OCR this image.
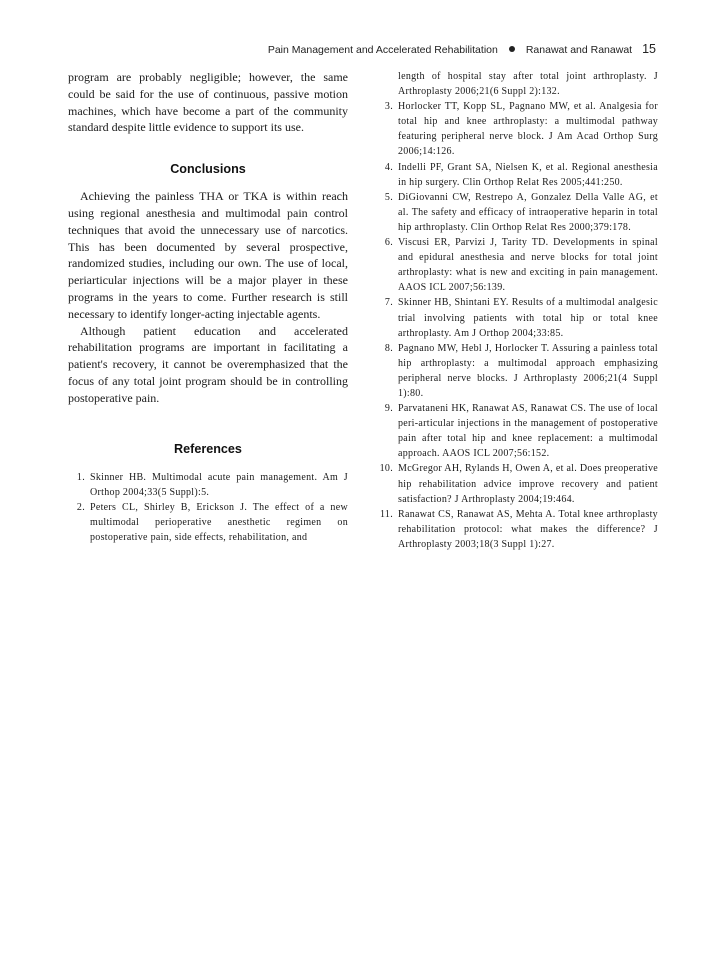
Pain Management and Accelerated Rehabilitation	Ranawat and Ranawat 15

program are probably negligible; however, the same could be said for the use of continuous, passive motion machines, which have become a part of the community standard despite little evidence to support its use.

Conclusions

Achieving the painless THA or TKA is within reach using regional anesthesia and multimodal pain control techniques that avoid the unnecessary use of narcotics. This has been documented by several prospective, randomized studies, including our own. The use of local, periarticular injections will be a major player in these programs in the years to come. Further research is still necessary to identify longer-acting injectable agents.

Although patient education and accelerated rehabilitation programs are important in facilitating a patient's recovery, it cannot be overemphasized that the focus of any total joint program should be in controlling postoperative pain.

References

1. Skinner HB. Multimodal acute pain management. Am J Orthop 2004;33(5 Suppl):5.

2. Peters CL, Shirley B, Erickson J. The effect of a new multimodal perioperative anesthetic regimen on postoperative pain, side effects, rehabilitation, and

length of hospital stay after total joint arthroplasty. J Arthroplasty 2006;21(6 Suppl 2):132.

3. Horlocker TT, Kopp SL, Pagnano MW, et al. Analgesia for total hip and knee arthroplasty: a multimodal pathway featuring peripheral nerve block. J Am Acad Orthop Surg 2006;14:126.

4. Indelli PF, Grant SA, Nielsen K, et al. Regional anesthesia in hip surgery. Clin Orthop Relat Res 2005;441:250.

5. DiGiovanni CW, Restrepo A, Gonzalez Della Valle AG, et al. The safety and efficacy of intraoperative heparin in total hip arthroplasty. Clin Orthop Relat Res 2000;379:178.

6. Viscusi ER, Parvizi J, Tarity TD. Developments in spinal and epidural anesthesia and nerve blocks for total joint arthroplasty: what is new and exciting in pain management. AAOS ICL 2007;56:139.

7. Skinner HB, Shintani EY. Results of a multimodal analgesic trial involving patients with total hip or total knee arthroplasty. Am J Orthop 2004;33:85.

8. Pagnano MW, Hebl J, Horlocker T. Assuring a painless total hip arthroplasty: a multimodal approach emphasizing peripheral nerve blocks. J Arthroplasty 2006;21(4 Suppl 1):80.

9. Parvataneni HK, Ranawat AS, Ranawat CS. The use of local peri-articular injections in the management of postoperative pain after total hip and knee replacement: a multimodal approach. AAOS ICL 2007;56:152.

10. McGregor AH, Rylands H, Owen A, et al. Does preoperative hip rehabilitation advice improve recovery and patient satisfaction? J Arthroplasty 2004;19:464.

11. Ranawat CS, Ranawat AS, Mehta A. Total knee arthroplasty rehabilitation protocol: what makes the difference? J Arthroplasty 2003;18(3 Suppl 1):27.
